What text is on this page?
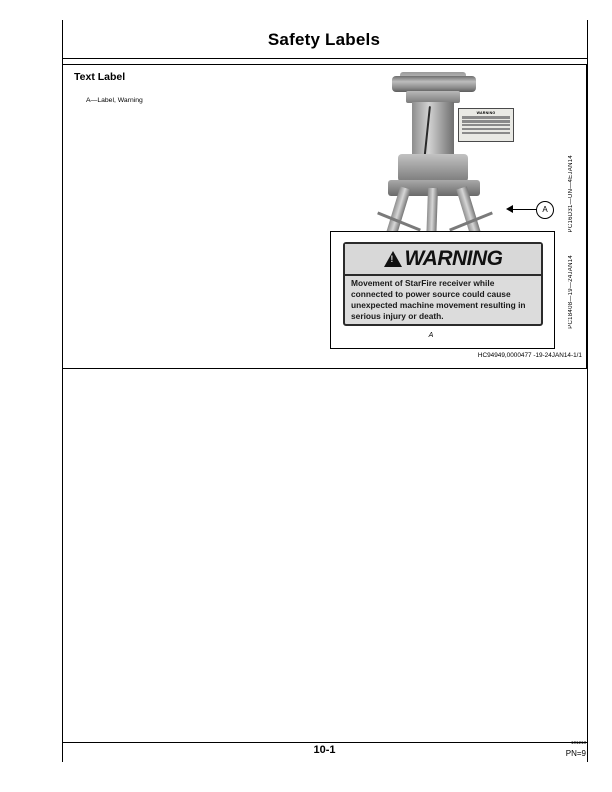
Safety Labels
Text Label
A—Label, Warning
WARNING
A
!
WARNING
Movement of StarFire receiver while connected to power source could cause unexpected machine movement resulting in serious injury or death.
A
PC16D31—UN—4EJAN14
PC18408—19—24JAN14
HC94949,0000477 -19-24JAN14-1/1
10-1
101213
PN=9
